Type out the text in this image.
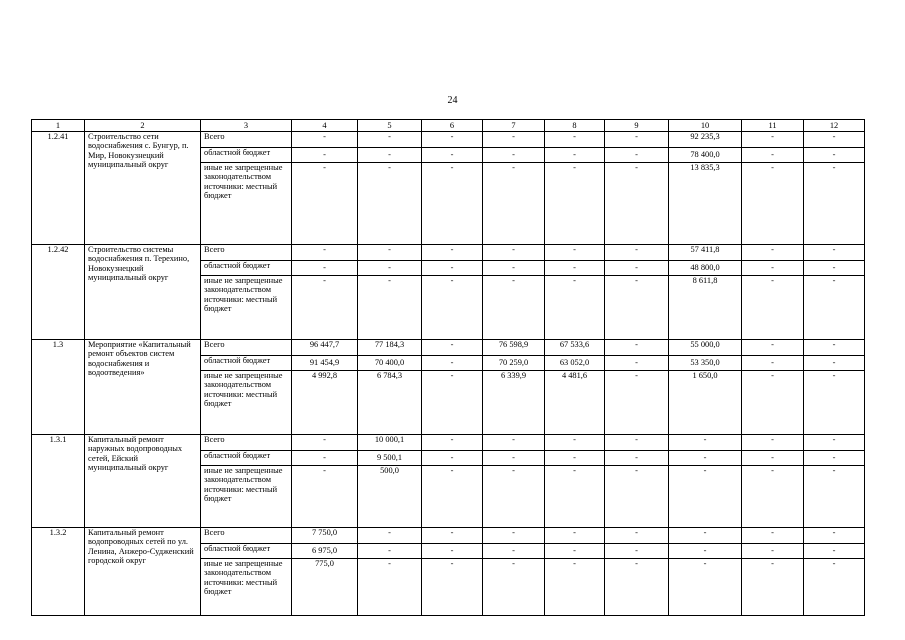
24
1	2	3	4	5	6	7	8	9	10	11	12
1.2.41	Строительство сети водоснабжения с. Бунгур, п. Мир, Новокузнецкий муниципальный округ	Всего	-	-	-	-	-	-	92 235,3	-	-
		областной бюджет	-	-	-	-	-	-	78 400,0	-	-
		иные не запрещенные законодательством источники: местный бюджет	-	-	-	-	-	-	13 835,3	-	-
1.2.42	Строительство системы водоснабжения п. Терехино, Новокузнецкий муниципальный округ	Всего	-	-	-	-	-	-	57 411,8	-	-
		областной бюджет	-	-	-	-	-	-	48 800,0	-	-
		иные не запрещенные законодательством источники: местный бюджет	-	-	-	-	-	-	8 611,8	-	-
1.3	Мероприятие «Капитальный ремонт объектов систем водоснабжения и водоотведения»	Всего	96 447,7	77 184,3	-	76 598,9	67 533,6	-	55 000,0	-	-
		областной бюджет	91 454,9	70 400,0	-	70 259,0	63 052,0	-	53 350,0	-	-
		иные не запрещенные законодательством источники: местный бюджет	4 992,8	6 784,3	-	6 339,9	4 481,6	-	1 650,0	-	-
1.3.1	Капитальный ремонт наружных водопроводных сетей, Ейский муниципальный округ	Всего	-	10 000,1	-	-	-	-	-	-	-
		областной бюджет	-	9 500,1	-	-	-	-	-	-	-
		иные не запрещенные законодательством источники: местный бюджет	-	500,0	-	-	-	-	-	-	-
1.3.2	Капитальный ремонт водопроводных сетей по ул. Ленина, Анжеро-Судженский городской округ	Всего	7 750,0	-	-	-	-	-	-	-	-
		областной бюджет	6 975,0	-	-	-	-	-	-	-	-
		иные не запрещенные законодательством источники: местный бюджет	775,0	-	-	-	-	-	-	-	-
